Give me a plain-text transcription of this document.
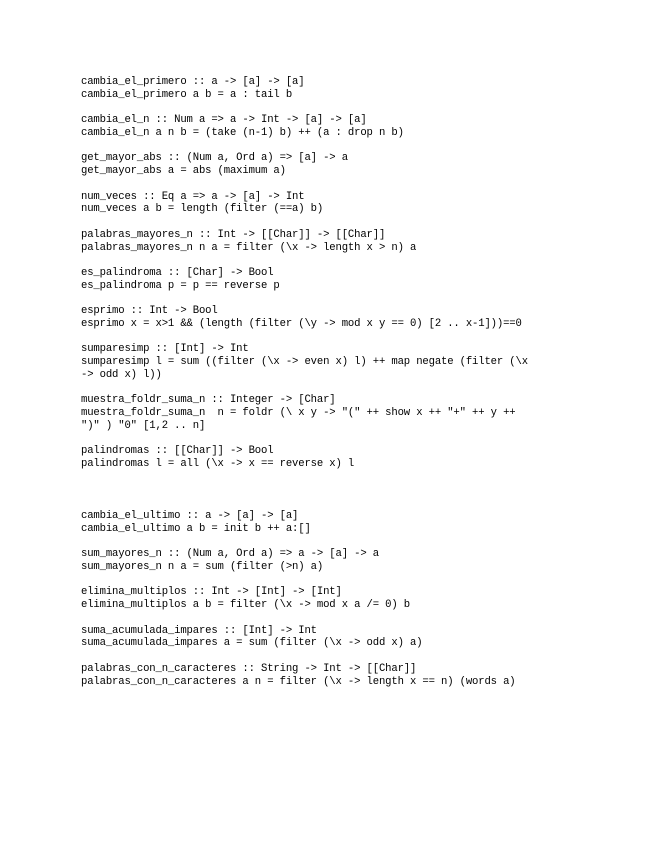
cambia_el_primero :: a -> [a] -> [a]
cambia_el_primero a b = a : tail b
cambia_el_n :: Num a => a -> Int -> [a] -> [a]
cambia_el_n a n b = (take (n-1) b) ++ (a : drop n b)
get_mayor_abs :: (Num a, Ord a) => [a] -> a
get_mayor_abs a = abs (maximum a)
num_veces :: Eq a => a -> [a] -> Int
num_veces a b = length (filter (==a) b)
palabras_mayores_n :: Int -> [[Char]] -> [[Char]]
palabras_mayores_n n a = filter (\x -> length x > n) a
es_palindroma :: [Char] -> Bool
es_palindroma p = p == reverse p
esprimo :: Int -> Bool
esprimo x = x>1 && (length (filter (\y -> mod x y == 0) [2 .. x-1]))==0
sumparesimp :: [Int] -> Int
sumparesimp l = sum ((filter (\x -> even x) l) ++ map negate (filter (\x
-> odd x) l))
muestra_foldr_suma_n :: Integer -> [Char]
muestra_foldr_suma_n  n = foldr (\ x y -> "(" ++ show x ++ "+" ++ y ++
")" ) "0" [1,2 .. n]
palindromas :: [[Char]] -> Bool
palindromas l = all (\x -> x == reverse x) l
cambia_el_ultimo :: a -> [a] -> [a]
cambia_el_ultimo a b = init b ++ a:[]
sum_mayores_n :: (Num a, Ord a) => a -> [a] -> a
sum_mayores_n n a = sum (filter (>n) a)
elimina_multiplos :: Int -> [Int] -> [Int]
elimina_multiplos a b = filter (\x -> mod x a /= 0) b
suma_acumulada_impares :: [Int] -> Int
suma_acumulada_impares a = sum (filter (\x -> odd x) a)
palabras_con_n_caracteres :: String -> Int -> [[Char]]
palabras_con_n_caracteres a n = filter (\x -> length x == n) (words a)
